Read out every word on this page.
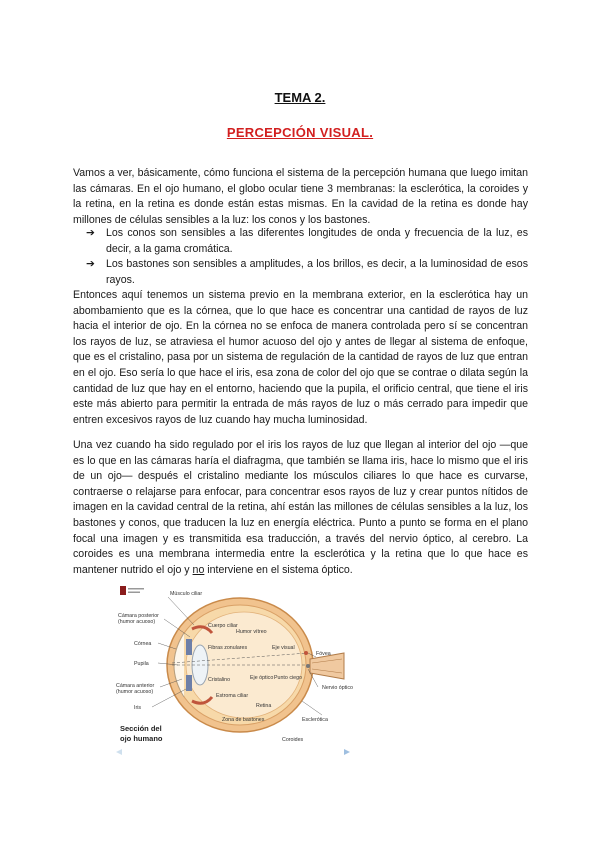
TEMA 2.
PERCEPCIÓN VISUAL.

Vamos a ver, básicamente, cómo funciona el sistema de la percepción humana que luego imitan las cámaras. En el ojo humano, el globo ocular tiene 3 membranas: la esclerótica, la coroides y la retina, en la retina es donde están estas mismas. En la cavidad de la retina es donde hay millones de células sensibles a la luz: los conos y los bastones.

➔ Los conos son sensibles a las diferentes longitudes de onda y frecuencia de la luz, es decir, a la gama cromática.
➔ Los bastones son sensibles a amplitudes, a los brillos, es decir, a la luminosidad de esos rayos.

Entonces aquí tenemos un sistema previo en la membrana exterior, en la esclerótica hay un abombamiento que es la córnea, que lo que hace es concentrar una cantidad de rayos de luz hacia el interior de ojo. En la córnea no se enfoca de manera controlada pero sí se concentran los rayos de luz, se atraviesa el humor acuoso del ojo y antes de llegar al sistema de enfoque, que es el cristalino, pasa por un sistema de regulación de la cantidad de rayos de luz que entran en el ojo. Eso sería lo que hace el iris, esa zona de color del ojo que se contrae o dilata según la cantidad de luz que hay en el entorno, haciendo que la pupila, el orificio central, que tiene el iris este más abierto para permitir la entrada de más rayos de luz o más cerrado para impedir que entren excesivos rayos de luz cuando hay mucha luminosidad.

Una vez cuando ha sido regulado por el iris los rayos de luz que llegan al interior del ojo —que es lo que en las cámaras haría el diafragma, que también se llama iris, hace lo mismo que el iris de un ojo— después el cristalino mediante los músculos ciliares lo que hace es curvarse, contraerse o relajarse para enfocar, para concentrar esos rayos de luz y crear puntos nítidos de imagen en la cavidad central de la retina, ahí están las millones de células sensibles a la luz, los bastones y conos, que traducen la luz en energía eléctrica. Punto a punto se forma en el plano focal una imagen y es transmitida esa traducción, a través del nervio óptico, al cerebro. La coroides es una membrana intermedia entre la esclerótica y la retina que lo que hace es mantener nutrido el ojo y no interviene en el sistema óptico.

Músculo ciliar
Cámara posterior
(humor acuoso)
Córnea
Pupila
Cámara anterior
(humor acuoso)
Iris
Cuerpo ciliar
Humor vítreo
Fibras zonulares	Eje visual
Cristalino	Eje óptico Punto ciego
Fóvea
Nervio óptico
Esclerótica
Retina
Coroides
Estroma ciliar
Zona de bastones
Sección del
ojo humano
